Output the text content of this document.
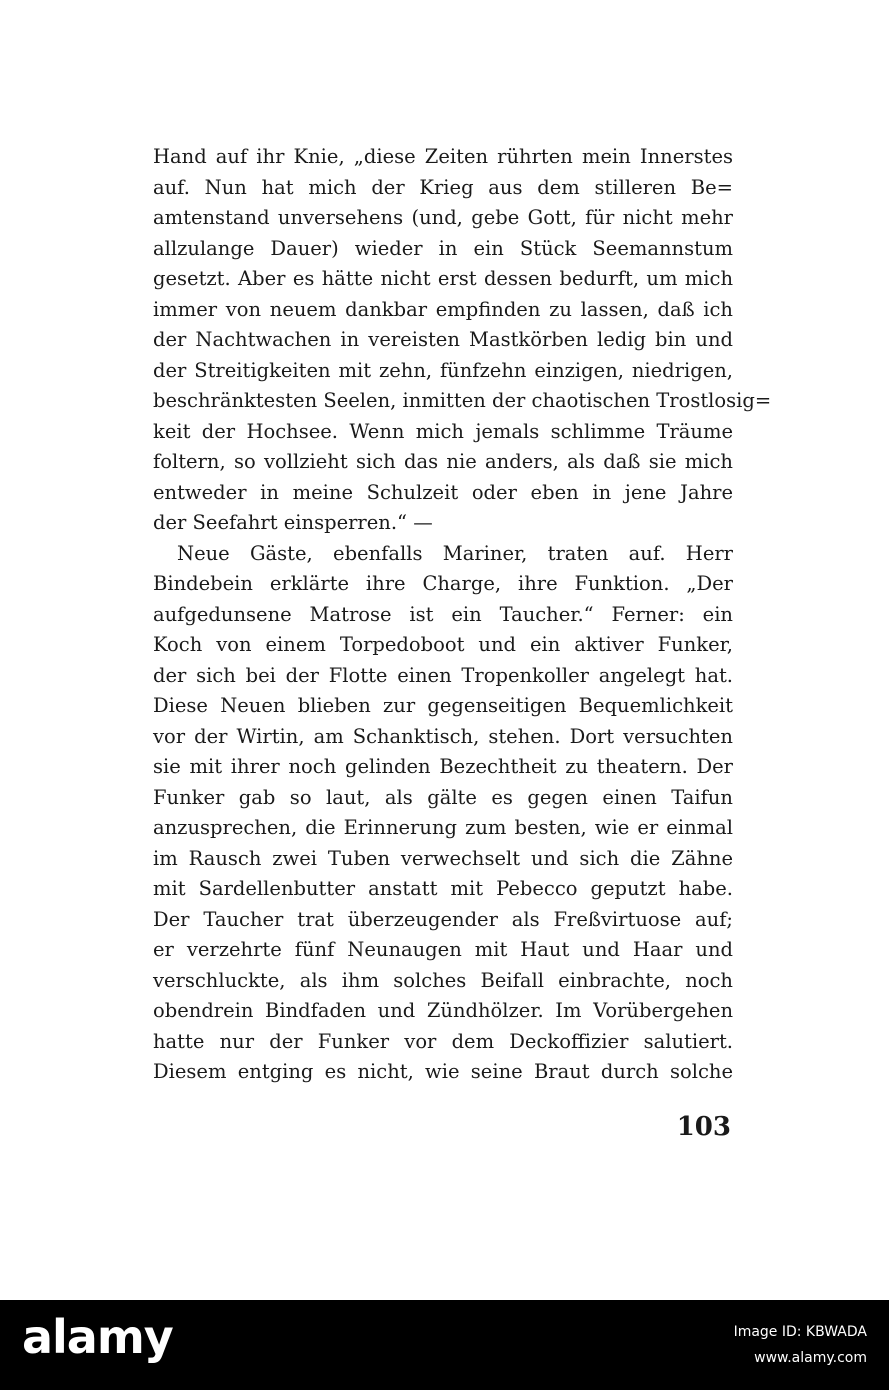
Hand auf ihr Knie, „diese Zeiten rührten mein Innerstes
auf. Nun hat mich der Krieg aus dem stilleren Be=
amtenstand unversehens (und, gebe Gott, für nicht mehr
allzulange Dauer) wieder in ein Stück Seemannstum
gesetzt. Aber es hätte nicht erst dessen bedurft, um mich
immer von neuem dankbar empfinden zu lassen, daß ich
der Nachtwachen in vereisten Mastkörben ledig bin und
der Streitigkeiten mit zehn, fünfzehn einzigen, niedrigen,
beschränktesten Seelen, inmitten der chaotischen Trostlosig=
keit der Hochsee. Wenn mich jemals schlimme Träume
foltern, so vollzieht sich das nie anders, als daß sie mich
entweder in meine Schulzeit oder eben in jene Jahre
der Seefahrt einsperren.“ —
Neue Gäste, ebenfalls Mariner, traten auf. Herr
Bindebein erklärte ihre Charge, ihre Funktion. „Der
aufgedunsene Matrose ist ein Taucher.“ Ferner: ein
Koch von einem Torpedoboot und ein aktiver Funker,
der sich bei der Flotte einen Tropenkoller angelegt hat.
Diese Neuen blieben zur gegenseitigen Bequemlichkeit
vor der Wirtin, am Schanktisch, stehen. Dort versuchten
sie mit ihrer noch gelinden Bezechtheit zu theatern. Der
Funker gab so laut, als gälte es gegen einen Taifun
anzusprechen, die Erinnerung zum besten, wie er einmal
im Rausch zwei Tuben verwechselt und sich die Zähne
mit Sardellenbutter anstatt mit Pebecco geputzt habe.
Der Taucher trat überzeugender als Freßvirtuose auf;
er verzehrte fünf Neunaugen mit Haut und Haar und
verschluckte, als ihm solches Beifall einbrachte, noch
obendrein Bindfaden und Zündhölzer. Im Vorübergehen
hatte nur der Funker vor dem Deckoffizier salutiert.
Diesem entging es nicht, wie seine Braut durch solche
103
alamy	Image ID: KBWADA
www.alamy.com
